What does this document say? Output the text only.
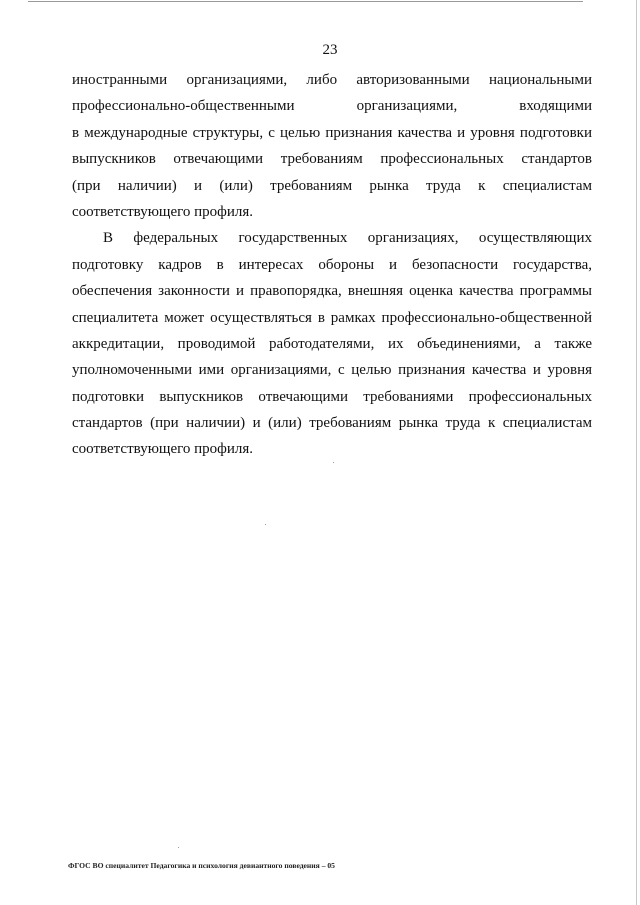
23
иностранными организациями, либо авторизованными национальными
профессионально-общественными организациями, входящими
в международные структуры, с целью признания качества и уровня подготовки
выпускников отвечающими требованиям профессиональных стандартов
(при наличии) и (или) требованиям рынка труда к специалистам
соответствующего профиля.
В федеральных государственных организациях, осуществляющих
подготовку кадров в интересах обороны и безопасности государства,
обеспечения законности и правопорядка, внешняя оценка качества программы
специалитета может осуществляться в рамках профессионально-общественной
аккредитации, проводимой работодателями, их объединениями, а также
уполномоченными ими организациями, с целью признания качества и уровня
подготовки выпускников отвечающими требованиями профессиональных
стандартов (при наличии) и (или) требованиям рынка труда к специалистам
соответствующего профиля.
ФГОС ВО специалитет Педагогика и психология девиантного поведения – 05
